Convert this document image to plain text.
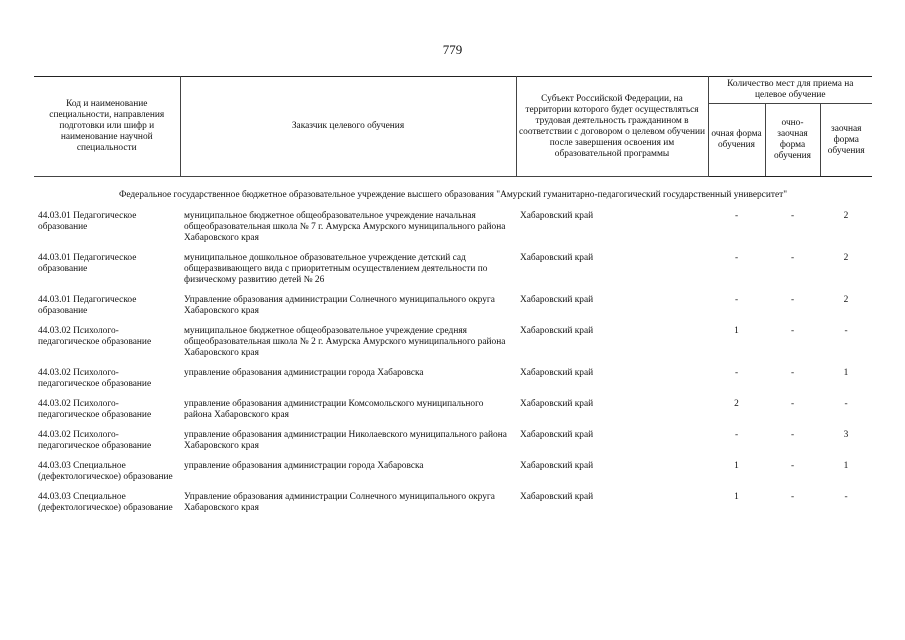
779
Код и наименование специальности, направления подготовки или шифр и наименование научной специальности	Заказчик целевого обучения	Субъект Российской Федерации, на территории которого будет осуществляться трудовая деятельность гражданином в соответствии с договором о целевом обучении после завершения освоения им образовательной программы	Количество мест для приема на целевое обучение		
			очная форма обучения	очно-заочная форма обучения	заочная форма обучения
Федеральное государственное бюджетное образовательное учреждение высшего образования "Амурский гуманитарно-педагогический государственный университет"					
44.03.01 Педагогическое образование	муниципальное бюджетное общеобразовательное учреждение начальная общеобразовательная школа № 7 г. Амурска Амурского муниципального района Хабаровского края	Хабаровский край	-	-	2
44.03.01 Педагогическое образование	муниципальное дошкольное образовательное учреждение детский сад общеразвивающего вида с приоритетным осуществлением деятельности по физическому развитию детей № 26	Хабаровский край	-	-	2
44.03.01 Педагогическое образование	Управление образования администрации Солнечного муниципального округа Хабаровского края	Хабаровский край	-	-	2
44.03.02 Психолого-педагогическое образование	муниципальное бюджетное общеобразовательное учреждение средняя общеобразовательная школа № 2 г. Амурска Амурского муниципального района Хабаровского края	Хабаровский край	1	-	-
44.03.02 Психолого-педагогическое образование	управление образования администрации города Хабаровска	Хабаровский край	-	-	1
44.03.02 Психолого-педагогическое образование	управление образования администрации Комсомольского муниципального района Хабаровского края	Хабаровский край	2	-	-
44.03.02 Психолого-педагогическое образование	управление образования администрации Николаевского муниципального района Хабаровского края	Хабаровский край	-	-	3
44.03.03 Специальное (дефектологическое) образование	управление образования администрации города Хабаровска	Хабаровский край	1	-	1
44.03.03 Специальное (дефектологическое) образование	Управление образования администрации Солнечного муниципального округа Хабаровского края	Хабаровский край	1	-	-
